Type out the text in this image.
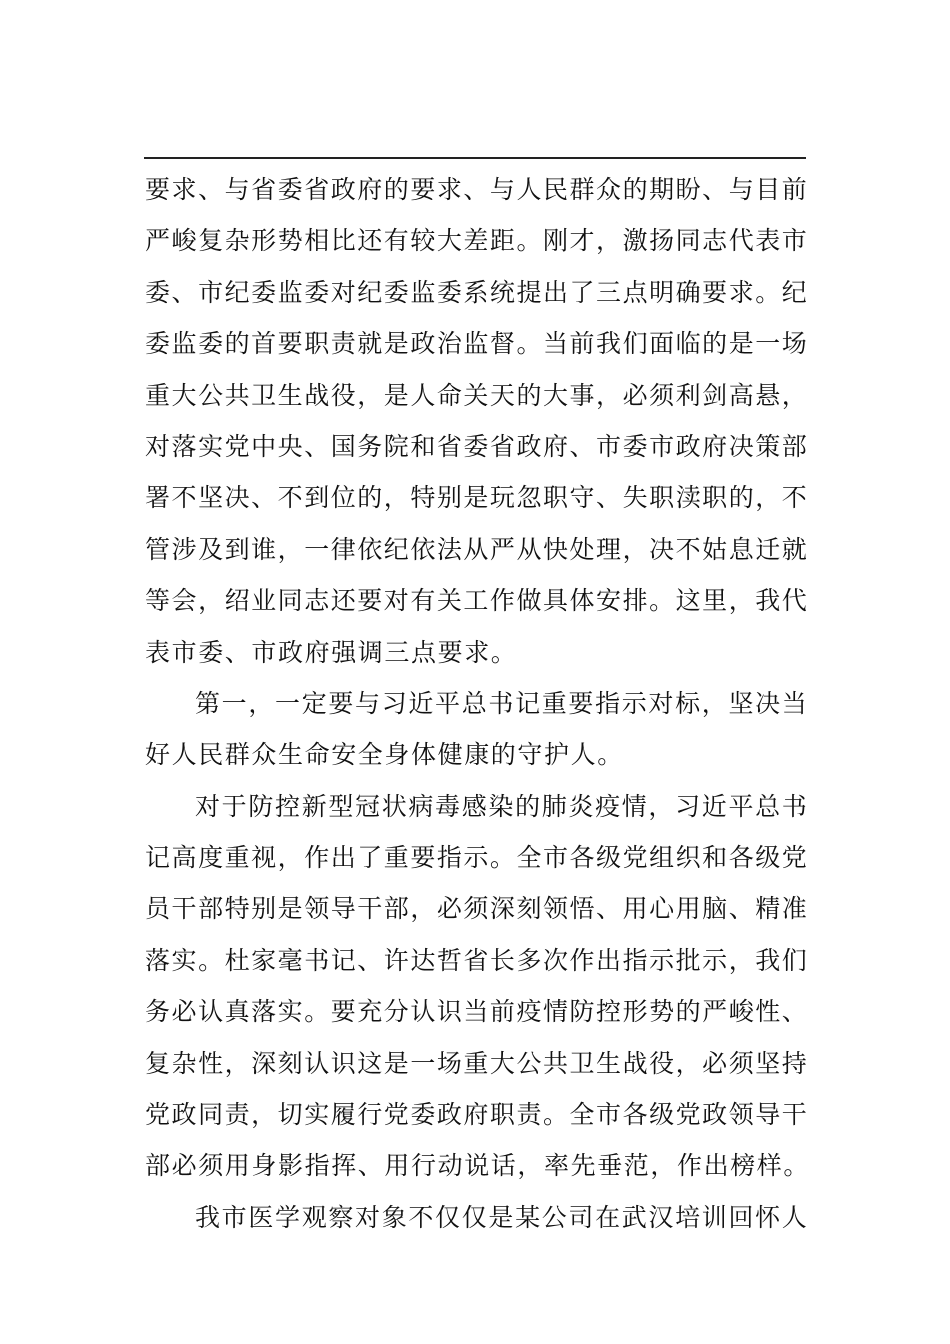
要 求 、 与 省 委 省 政 府 的 要 求 、 与 人 民 群 众 的 期 盼 、 与 目 前
严 峻 复 杂 形 势 相 比 还 有 较 大 差 距 。 刚 才 ， 激 扬 同 志 代 表 市
委 、 市 纪 委 监 委 对 纪 委 监 委 系 统 提 出 了 三 点 明 确 要 求 。 纪
委 监 委 的 首 要 职 责 就 是 政 治 监 督 。 当 前 我 们 面 临 的 是 一 场
重 大 公 共 卫 生 战 役 ， 是 人 命 关 天 的 大 事 ， 必 须 利 剑 高 悬 ，
对 落 实 党 中 央 、 国 务 院 和 省 委 省 政 府 、 市 委 市 政 府 决 策 部
署 不 坚 决 、 不 到 位 的 ， 特 别 是 玩 忽 职 守 、 失 职 渎 职 的 ， 不
管 涉 及 到 谁 ， 一 律 依 纪 依 法 从 严 从 快 处 理 ， 决 不 姑 息 迁 就
等 会 ， 绍 业 同 志 还 要 对 有 关 工 作 做 具 体 安 排 。 这 里 ， 我 代
表市委、市政府强调三点要求。
第 一 ， 一 定 要 与 习 近 平 总 书 记 重 要 指 示 对 标 ， 坚 决 当
好人民群众生命安全身体健康的守护人。
对 于 防 控 新 型 冠 状 病 毒 感 染 的 肺 炎 疫 情 ， 习 近 平 总 书
记 高 度 重 视 ， 作 出 了 重 要 指 示 。 全 市 各 级 党 组 织 和 各 级 党
员 干 部 特 别 是 领 导 干 部 ， 必 须 深 刻 领 悟 、 用 心 用 脑 、 精 准
落 实 。 杜 家 毫 书 记 、 许 达 哲 省 长 多 次 作 出 指 示 批 示 ， 我 们
务 必 认 真 落 实 。 要 充 分 认 识 当 前 疫 情 防 控 形 势 的 严 峻 性 、
复 杂 性 ， 深 刻 认 识 这 是 一 场 重 大 公 共 卫 生 战 役 ， 必 须 坚 持
党 政 同 责 ， 切 实 履 行 党 委 政 府 职 责 。 全 市 各 级 党 政 领 导 干
部必须用身影指挥、用行动说话，率先垂范，作出榜样。
我 市 医 学 观 察 对 象 不 仅 仅 是 某 公 司 在 武 汉 培 训 回 怀 人
